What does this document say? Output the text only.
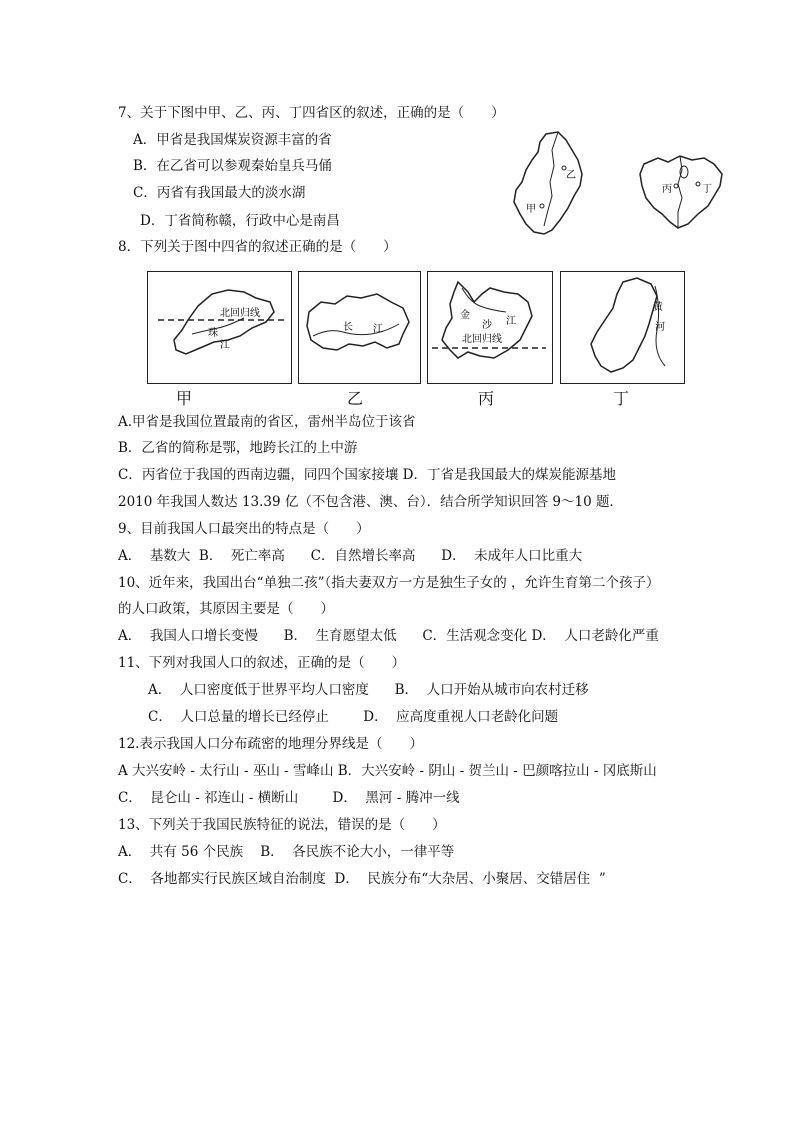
7、关于下图中甲、乙、丙、丁四省区的叙述，正确的是（　　）
A．甲省是我国煤炭资源丰富的省
B．在乙省可以参观秦始皇兵马俑
C．丙省有我国最大的淡水湖
D．丁省简称赣，行政中心是南昌
乙
甲
丙	丁
8．下列关于图中四省的叙述正确的是（　　）
北回归线
珠
江
长 江
金
沙 江
北回归线
黄
河
甲	乙	丙	丁
A.甲省是我国位置最南的省区，雷州半岛位于该省
B．乙省的简称是鄂，地跨长江的上中游
C．丙省位于我国的西南边疆，同四个国家接壤 D．丁省是我国最大的煤炭能源基地
2010 年我国人数达 13.39 亿（不包含港、澳、台）．结合所学知识回答 9～10 题．
9、目前我国人口最突出的特点是（　　）
A．  基数大  B．  死亡率高      C．自然增长率高      D．  未成年人口比重大
10、近年来，我国出台“单独二孩”（指夫妻双方一方是独生子女的 ，允许生育第二个孩子）
的人口政策，其原因主要是（　　）
A．  我国人口增长变慢      B．  生育愿望太低      C．生活观念变化 D．  人口老龄化严重
11、下列对我国人口的叙述，正确的是（　　）
A．  人口密度低于世界平均人口密度      B．  人口开始从城市向农村迁移
C．  人口总量的增长已经停止        D．  应高度重视人口老龄化问题
12.表示我国人口分布疏密的地理分界线是（　　）
A 大兴安岭 - 太行山 - 巫山 - 雪峰山 B．大兴安岭 - 阴山 - 贺兰山 - 巴颜喀拉山 - 冈底斯山
C．  昆仑山 - 祁连山 - 横断山        D．  黑河 - 腾冲一线
13、下列关于我国民族特征的说法，错误的是（　　）
A．  共有 56 个民族    B．  各民族不论大小，一律平等
C．  各地都实行民族区域自治制度  D．  民族分布“大杂居、小聚居、交错居住  ”
